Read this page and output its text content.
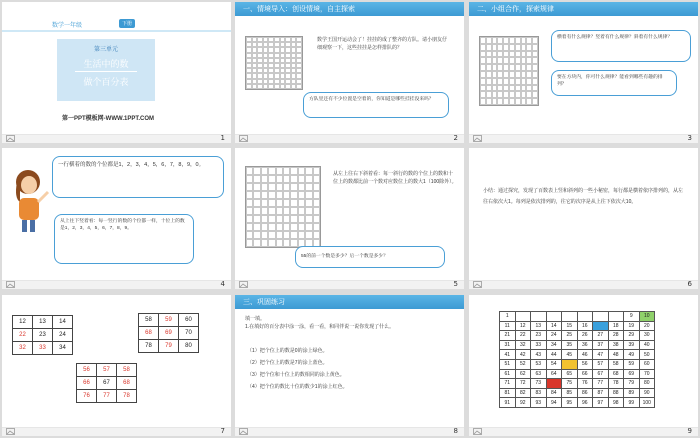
数学一年级	下册
第三单元
生活中的数
做个百分表
第一PPT模板网-WWW.1PPT.COM
1
一、情境导入：创设情境，自主探索
数学王国开运动会了！挂挂的成了整齐的方队。请小朋友仔细观察一下，这些挂挂是怎样排队的？
方队里还有不少位置是空着的，你知道是哪些挂挂没来吗？
2
二、小组合作，探索规律
横着有什么规律？竖着有什么规律？斜着有什么规律？
要在方块内，你可什么规律？能看到哪些有趣的排列？
3
一行横着的数的个位都是1，2，3，4，5，6，7，8，9，0。
从上往下竖着看：每一竖行的数的个位都一样，十位上的数是1，2，3，4，5，6，7，8，9。
4
从左上往右下斜着看：每一斜行的数的个位上的数和十位上的数都比前一个数对应数位上的数大1（100除外）。
55的前一个数是多少？后一个数是多少？
5
小结：通过探究，发现了百数表上竖和斜列的一些小秘密，每行都是横着依序排列的，从左往右依次大1。每列是依次排列的，往它的次序是从上往下依次大10。
6
12	13	14
22	23	24
32	33	34
58	59	60
68	69	70
78	79	80
56	57	58
66	67	68
76	77	78
7
三、巩固练习
填一填。
1.在填好的百分表中涂一涂，看一看，和同伴说一说你发现了什么。
（1）把个位上的数是0的涂上绿色。
（2）把个位上的数是7的涂上蓝色。
（3）把个位和十位上的数相同的涂上黄色。
（4）把个位的数比十位的数少1的涂上红色。
8
1								9	10
11	12	13	14	15	16		18	19	20
21	22	23	24	25	26	27	28	29	30
31	32	33	34	35	36	37	38	39	40
41	42	43	44	45	46	47	48	49	50
51	52	53	54		56	57	58	59	60
61	62	63	64	65	66	67	68	69	70
71	72	73		75	76	77	78	79	80
81	82	83	84	85	86	87	88	89	90
91	92	93	94	95	96	97	98	99	100
9
